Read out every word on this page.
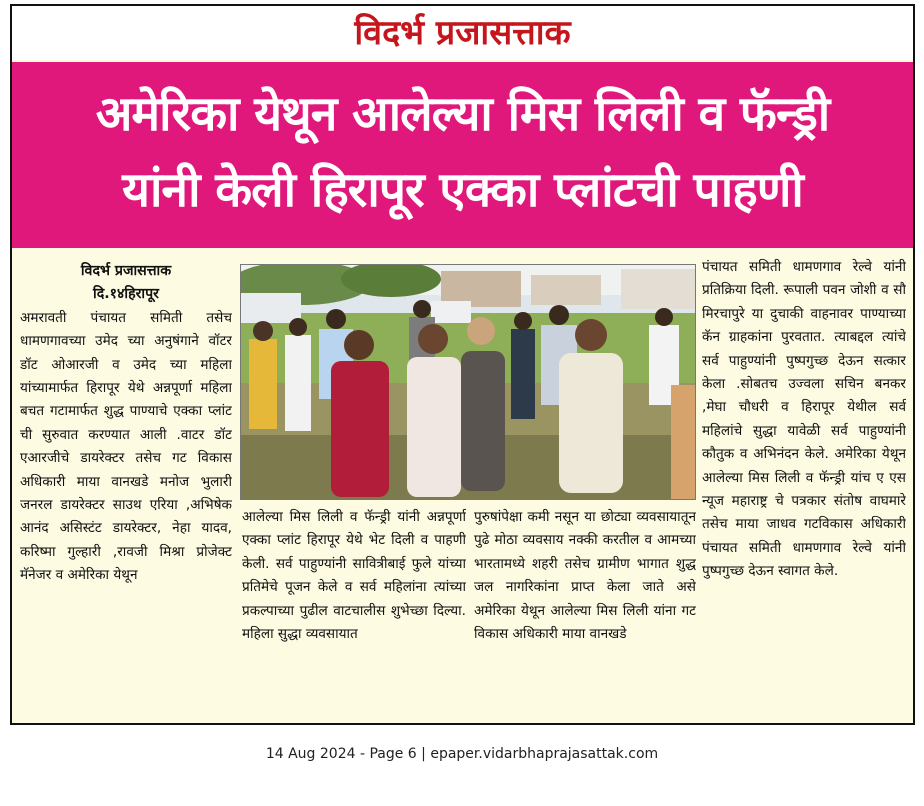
विदर्भ प्रजासत्ताक
अमेरिका येथून आलेल्या मिस लिली व फॅन्ड्री
यांनी केली हिरापूर एक्का प्लांटची पाहणी
विदर्भ प्रजासत्ताक
दि.१४हिरापूर

अमरावती पंचायत समिती तसेच धामणगावच्या उमेद च्या अनुषंगाने वॉटर डॉट ओआरजी व उमेद च्या महिला यांच्यामार्फत हिरापूर येथे अन्नपूर्णा महिला बचत गटामार्फत शुद्ध पाण्याचे एक्का प्लांट ची सुरुवात करण्यात आली .वाटर डॉट एआरजीचे डायरेक्टर तसेच गट विकास अधिकारी माया वानखडे मनोज भुलारी जनरल डायरेक्टर साउथ एरिया ,अभिषेक आनंद असिस्टंट डायरेक्टर, नेहा यादव, करिष्मा गुल्हारी ,रावजी मिश्रा प्रोजेक्ट मॅनेजर व अमेरिका येथून

आलेल्या मिस लिली व फॅन्ड्री यांनी अन्नपूर्णा एक्का प्लांट हिरापूर येथे भेट दिली व पाहणी केली. सर्व पाहुण्यांनी सावित्रीबाई फुले यांच्या प्रतिमेचे पूजन केले व सर्व महिलांना त्यांच्या प्रकल्पाच्या पुढील वाटचालीस शुभेच्छा दिल्या. महिला सुद्धा व्यवसायात

पुरुषांपेक्षा कमी नसून या छोट्या व्यवसायातून पुढे मोठा व्यवसाय नक्की करतील व आमच्या भारतामध्ये शहरी तसेच ग्रामीण भागात शुद्ध जल नागरिकांना प्राप्त केला जाते असे अमेरिका येथून आलेल्या मिस लिली यांना गट विकास अधिकारी माया वानखडे

पंचायत समिती धामणगाव रेल्वे यांनी प्रतिक्रिया दिली. रूपाली पवन जोशी व सौ मिरचापुरे या दुचाकी वाहनावर पाण्याच्या कॅन ग्राहकांना पुरवतात. त्याबद्दल त्यांचे सर्व पाहुण्यांनी पुष्पगुच्छ देऊन सत्कार केला .सोबतच उज्वला सचिन बनकर ,मेघा चौधरी व हिरापूर येथील सर्व महिलांचे सुद्धा यावेळी सर्व पाहुण्यांनी कौतुक व अभिनंदन केले. अमेरिका येथून आलेल्या मिस लिली व फॅन्ड्री यांच ए एस न्यूज महाराष्ट्र चे पत्रकार संतोष वाघमारे तसेच माया जाधव गटविकास अधिकारी पंचायत समिती धामणगाव रेल्वे यांनी पुष्पगुच्छ देऊन स्वागत केले.

14 Aug 2024 - Page 6 | epaper.vidarbhaprajasattak.com
